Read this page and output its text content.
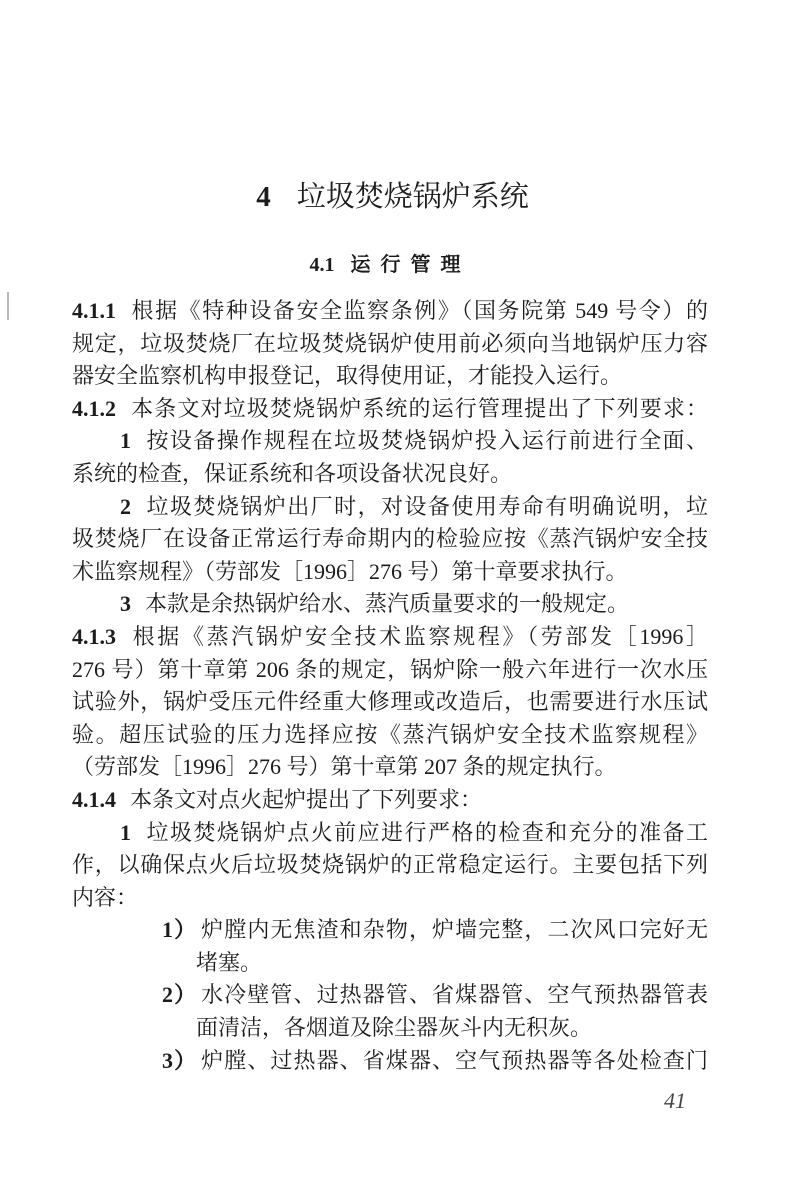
4 垃圾焚烧锅炉系统
4.1 运行管理
4.1.1 根据《特种设备安全监察条例》（国务院第 549 号令）的
规定，垃圾焚烧厂在垃圾焚烧锅炉使用前必须向当地锅炉压力容
器安全监察机构申报登记，取得使用证，才能投入运行。
4.1.2 本条文对垃圾焚烧锅炉系统的运行管理提出了下列要求：
1 按设备操作规程在垃圾焚烧锅炉投入运行前进行全面、
系统的检查，保证系统和各项设备状况良好。
2 垃圾焚烧锅炉出厂时，对设备使用寿命有明确说明，垃
圾焚烧厂在设备正常运行寿命期内的检验应按《蒸汽锅炉安全技
术监察规程》（劳部发［1996］276 号）第十章要求执行。
3 本款是余热锅炉给水、蒸汽质量要求的一般规定。
4.1.3 根据《蒸汽锅炉安全技术监察规程》（劳部发［1996］
276 号）第十章第 206 条的规定，锅炉除一般六年进行一次水压
试验外，锅炉受压元件经重大修理或改造后，也需要进行水压试
验。超压试验的压力选择应按《蒸汽锅炉安全技术监察规程》
（劳部发［1996］276 号）第十章第 207 条的规定执行。
4.1.4 本条文对点火起炉提出了下列要求：
1 垃圾焚烧锅炉点火前应进行严格的检查和充分的准备工
作，以确保点火后垃圾焚烧锅炉的正常稳定运行。主要包括下列
内容：
1） 炉膛内无焦渣和杂物，炉墙完整，二次风口完好无
堵塞。
2） 水冷壁管、过热器管、省煤器管、空气预热器管表
面清洁，各烟道及除尘器灰斗内无积灰。
3） 炉膛、过热器、省煤器、空气预热器等各处检查门
41
